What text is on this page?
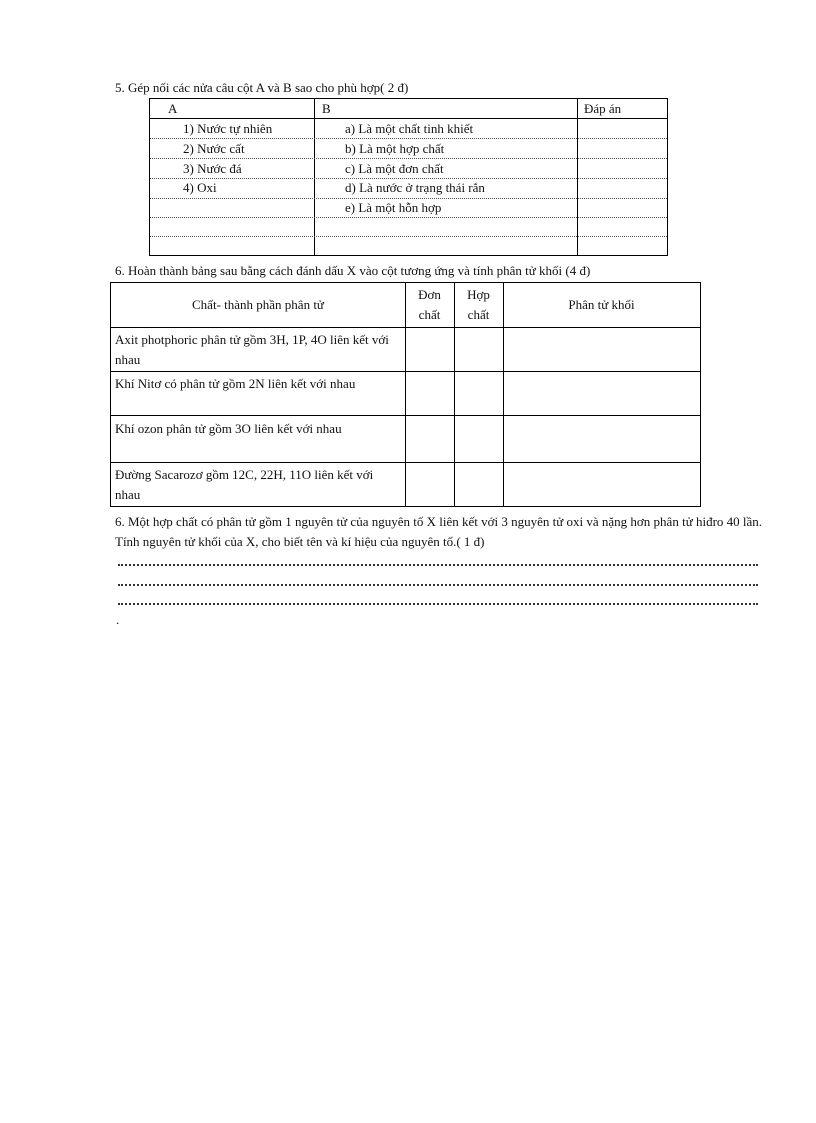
5. Gép nối các nửa câu cột A và B sao cho phù hợp( 2 đ)
A	B	Đáp án
1) Nước tự nhiên
2) Nước cất
3) Nước đá
4) Oxi
a) Là một chất tinh khiết
b) Là một hợp chất
c) Là một đơn chất
d) Là nước ở trạng thái rắn
e) Là một hỗn hợp
6. Hoàn thành bảng sau bằng cách đánh dấu X vào cột tương ứng và tính phân tử khối (4 đ)
Chất- thành phần phân tử
Đơn
chất
Hợp
chất
Phân tử khối
Axit photphoric phân tử gồm 3H, 1P, 4O liên kết với nhau
Khí Nitơ có phân tử gồm 2N liên kết với nhau
Khí ozon phân tử gồm 3O liên kết với nhau
Đường Sacarozơ gồm 12C, 22H, 11O liên kết với nhau
6. Một hợp chất có phân tử gồm 1 nguyên tử của nguyên tố X liên kết với 3 nguyên tử oxi và nặng hơn phân tử hiđro 40 lần. Tính nguyên tử khối của X, cho biết tên và kí hiệu của nguyên tố.( 1 đ)
.
